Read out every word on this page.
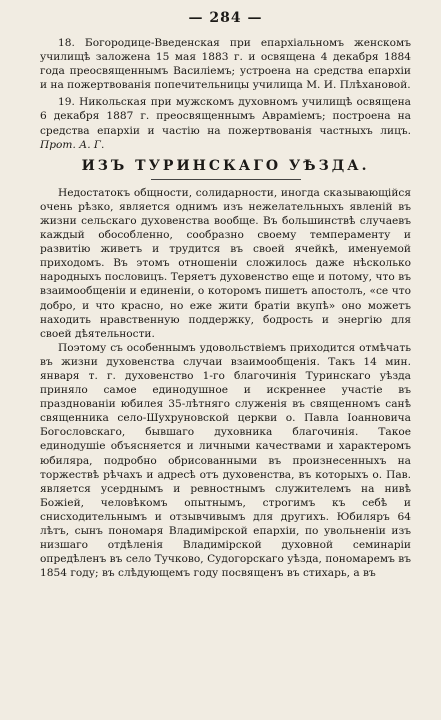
— 284 —

18. Богородице-Введенская при епархіальномъ женскомъ училищѣ заложена 15 мая 1883 г. и освящена 4 декабря 1884 года преосвященнымъ Василіемъ; устроена на средства епархіи и на пожертвованія попечительницы училища М. И. Плѣхановой.

19. Никольская при мужскомъ духовномъ училищѣ освящена 6 декабря 1887 г. преосвященнымъ Авраміемъ; построена на средства епархіи и частію на пожертвованія частныхъ лицъ. Прот. А. Г.

ИЗЪ ТУРИНСКАГО УѢЗДА.

Недостатокъ общности, солидарности, иногда сказывающійся очень рѣзко, является однимъ изъ нежелательныхъ явленій въ жизни сельскаго духовенства вообще. Въ большинствѣ случаевъ каждый обособленно, сообразно своему темпераменту и развитію живетъ и трудится въ своей ячейкѣ, именуемой приходомъ. Въ этомъ отношеніи сложилось даже нѣсколько народныхъ пословицъ. Теряетъ духовенство еще и потому, что въ взаимообщеніи и единеніи, о которомъ пишетъ апостолъ, «се что добро, и что красно, но еже жити братіи вкупѣ» оно можетъ находить нравственную поддержку, бодрость и энергію для своей дѣятельности.

Поэтому съ особеннымъ удовольствіемъ приходится отмѣчать въ жизни духовенства случаи взаимообщенія. Такъ 14 мин. января т. г. духовенство 1-го благочинія Туринскаго уѣзда приняло самое единодушное и искреннее участіе въ празднованіи юбилея 35-лѣтняго служенія въ священномъ санѣ священника село-Шухруновской церкви о. Павла Іоанновича Богословскаго, бывшаго духовника благочинія. Такое единодушіе объясняется и личными качествами и характеромъ юбиляра, подробно обрисованными въ произнесенныхъ на торжествѣ рѣчахъ и адресѣ отъ духовенства, въ которыхъ о. Пав. является усерднымъ и ревностнымъ служителемъ на нивѣ Божіей, человѣкомъ опытнымъ, строгимъ къ себѣ и снисходительнымъ и отзывчивымъ для другихъ. Юбиляръ 64 лѣтъ, сынъ пономаря Владимірской епархіи, по увольненіи изъ низшаго отдѣленія Владимірской духовной семинаріи опредѣленъ въ село Тучково, Судогорскаго уѣзда, пономаремъ въ 1854 году; въ слѣдующемъ году посвященъ въ стихарь, а въ
